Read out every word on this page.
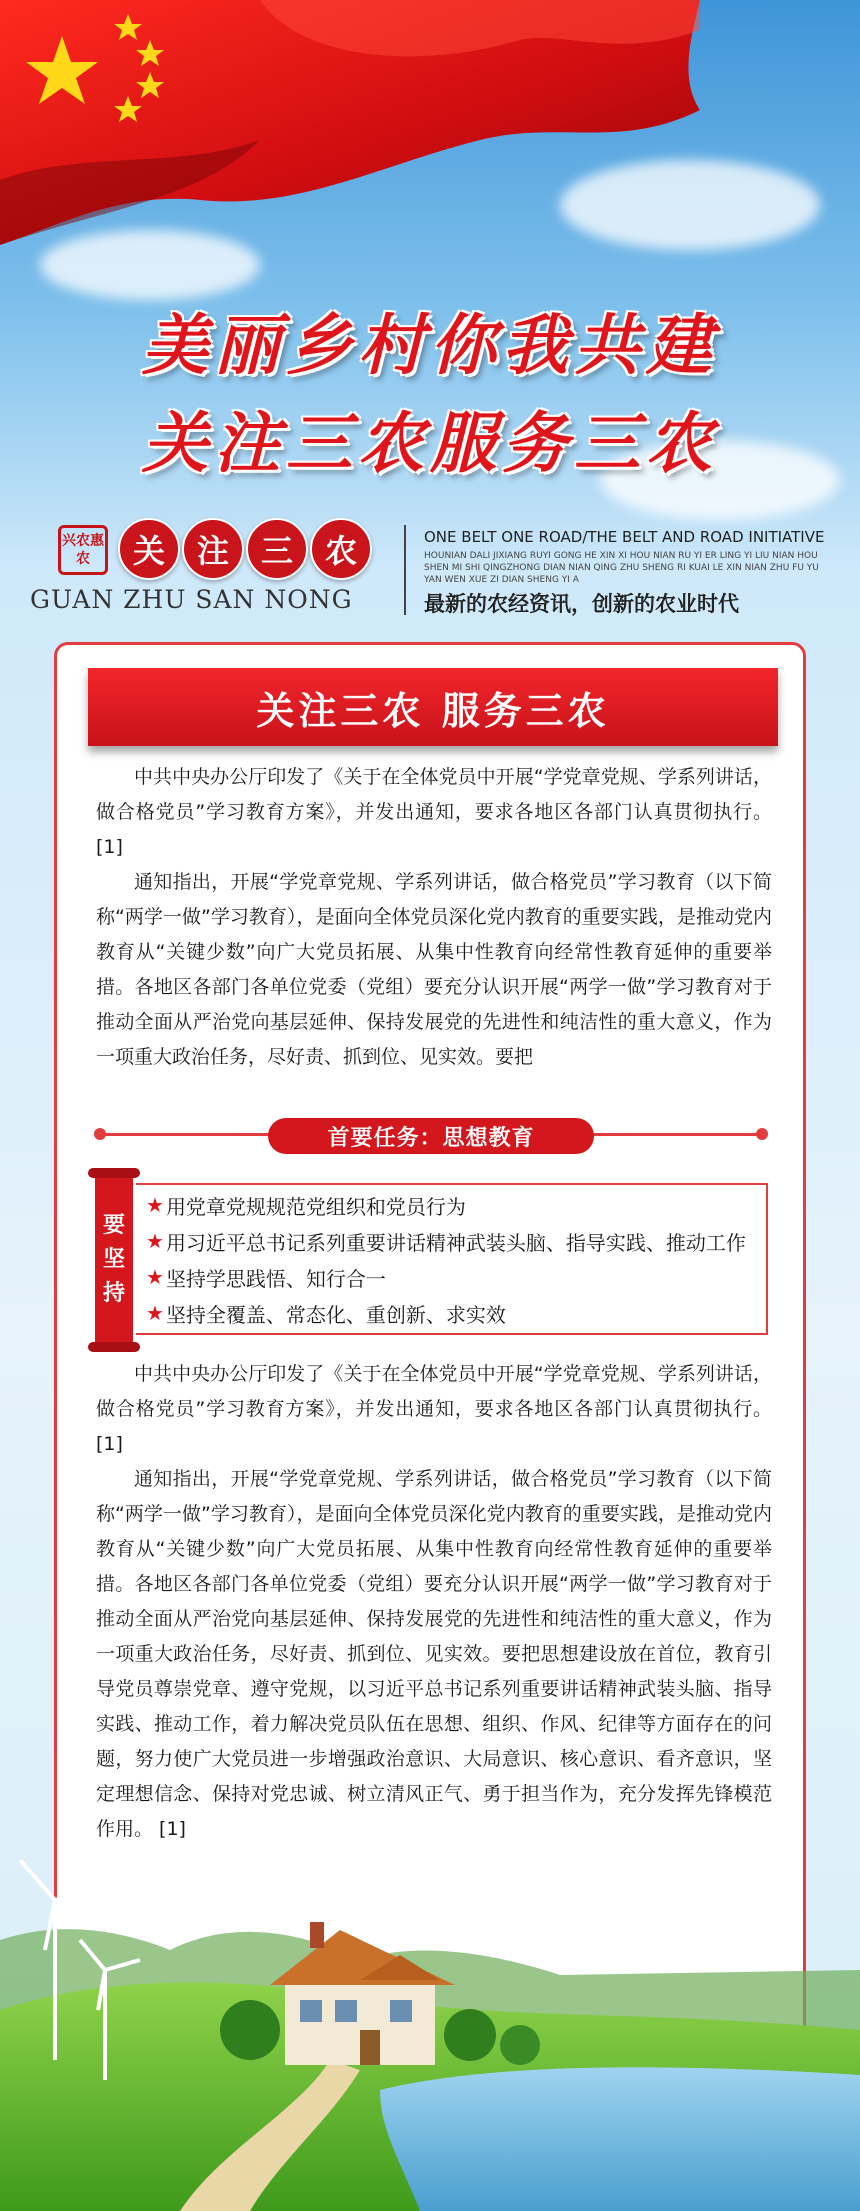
美丽乡村你我共建
关注三农服务三农
兴农惠农	关 注 三 农
GUAN ZHU SAN NONG
ONE BELT ONE ROAD/THE BELT AND ROAD INITIATIVE
HOUNIAN DALI JIXIANG RUYI GONG HE XIN XI HOU NIAN RU YI ER LING YI LIU NIAN HOU SHEN MI SHI QINGZHONG DIAN NIAN QING ZHU SHENG RI KUAI LE XIN NIAN ZHU FU YU YAN WEN XUE ZI DIAN SHENG YI A
最新的农经资讯，创新的农业时代
关注三农 服务三农

中共中央办公厅印发了《关于在全体党员中开展“学党章党规、学系列讲话，做合格党员”学习教育方案》，并发出通知，要求各地区各部门认真贯彻执行。 [1]

通知指出，开展“学党章党规、学系列讲话，做合格党员”学习教育（以下简称“两学一做”学习教育），是面向全体党员深化党内教育的重要实践，是推动党内教育从“关键少数”向广大党员拓展、从集中性教育向经常性教育延伸的重要举措。各地区各部门各单位党委（党组）要充分认识开展“两学一做”学习教育对于推动全面从严治党向基层延伸、保持发展党的先进性和纯洁性的重大意义，作为一项重大政治任务，尽好责、抓到位、见实效。要把

首要任务：思想教育
要
坚
持
★ 用党章党规规范党组织和党员行为
★ 用习近平总书记系列重要讲话精神武装头脑、指导实践、推动工作
★ 坚持学思践悟、知行合一
★ 坚持全覆盖、常态化、重创新、求实效

中共中央办公厅印发了《关于在全体党员中开展“学党章党规、学系列讲话，做合格党员”学习教育方案》，并发出通知，要求各地区各部门认真贯彻执行。 [1]

通知指出，开展“学党章党规、学系列讲话，做合格党员”学习教育（以下简称“两学一做”学习教育），是面向全体党员深化党内教育的重要实践，是推动党内教育从“关键少数”向广大党员拓展、从集中性教育向经常性教育延伸的重要举措。各地区各部门各单位党委（党组）要充分认识开展“两学一做”学习教育对于推动全面从严治党向基层延伸、保持发展党的先进性和纯洁性的重大意义，作为一项重大政治任务，尽好责、抓到位、见实效。要把思想建设放在首位，教育引导党员尊崇党章、遵守党规，以习近平总书记系列重要讲话精神武装头脑、指导实践、推动工作，着力解决党员队伍在思想、组织、作风、纪律等方面存在的问题，努力使广大党员进一步增强政治意识、大局意识、核心意识、看齐意识，坚定理想信念、保持对党忠诚、树立清风正气、勇于担当作为，充分发挥先锋模范作用。 [1]
